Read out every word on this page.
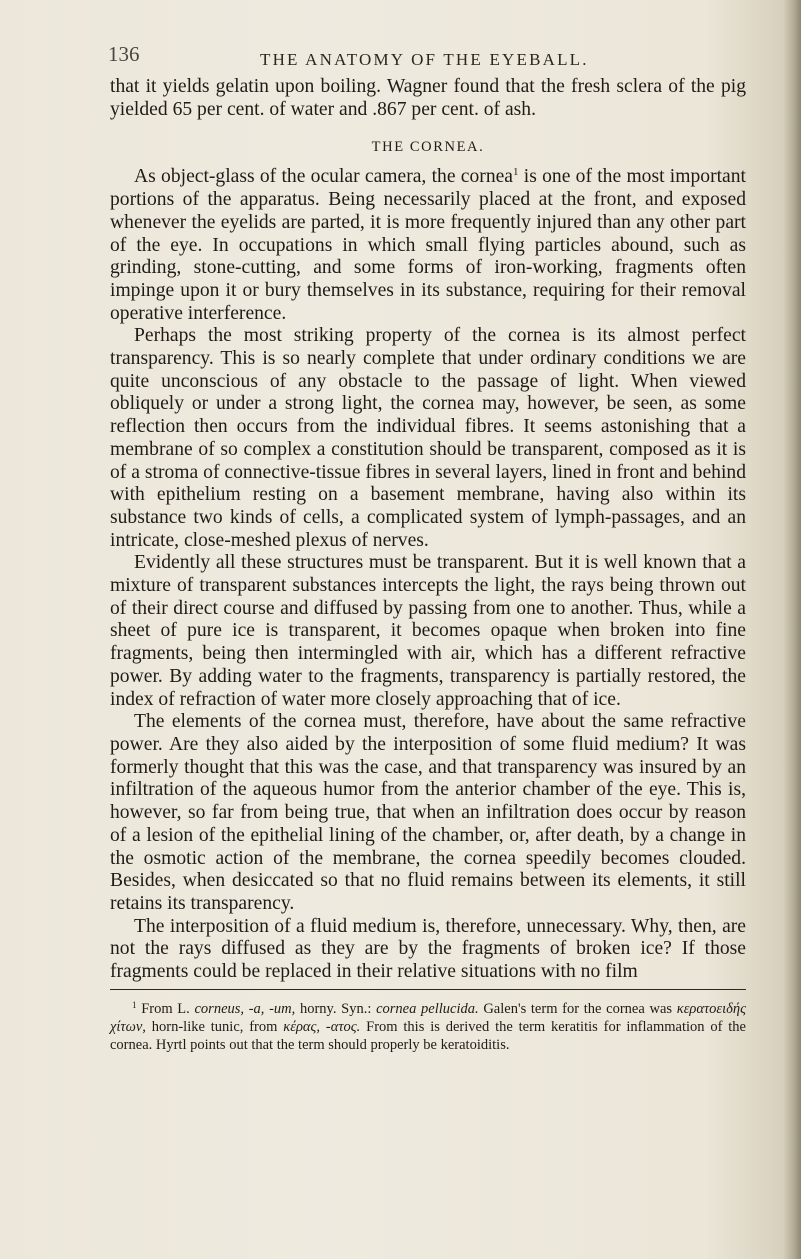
136	THE ANATOMY OF THE EYEBALL.

that it yields gelatin upon boiling. Wagner found that the fresh sclera of the pig yielded 65 per cent. of water and .867 per cent. of ash.

THE CORNEA.

As object-glass of the ocular camera, the cornea$^1$ is one of the most important portions of the apparatus. Being necessarily placed at the front, and exposed whenever the eyelids are parted, it is more frequently injured than any other part of the eye. In occupations in which small flying particles abound, such as grinding, stone-cutting, and some forms of iron-working, fragments often impinge upon it or bury themselves in its substance, requiring for their removal operative interference.

Perhaps the most striking property of the cornea is its almost perfect transparency. This is so nearly complete that under ordinary conditions we are quite unconscious of any obstacle to the passage of light. When viewed obliquely or under a strong light, the cornea may, however, be seen, as some reflection then occurs from the individual fibres. It seems astonishing that a membrane of so complex a constitution should be transparent, composed as it is of a stroma of connective-tissue fibres in several layers, lined in front and behind with epithelium resting on a basement membrane, having also within its substance two kinds of cells, a complicated system of lymph-passages, and an intricate, close-meshed plexus of nerves.

Evidently all these structures must be transparent. But it is well known that a mixture of transparent substances intercepts the light, the rays being thrown out of their direct course and diffused by passing from one to another. Thus, while a sheet of pure ice is transparent, it becomes opaque when broken into fine fragments, being then intermingled with air, which has a different refractive power. By adding water to the fragments, transparency is partially restored, the index of refraction of water more closely approaching that of ice.

The elements of the cornea must, therefore, have about the same refractive power. Are they also aided by the interposition of some fluid medium? It was formerly thought that this was the case, and that transparency was insured by an infiltration of the aqueous humor from the anterior chamber of the eye. This is, however, so far from being true, that when an infiltration does occur by reason of a lesion of the epithelial lining of the chamber, or, after death, by a change in the osmotic action of the membrane, the cornea speedily becomes clouded. Besides, when desiccated so that no fluid remains between its elements, it still retains its transparency.

The interposition of a fluid medium is, therefore, unnecessary. Why, then, are not the rays diffused as they are by the fragments of broken ice? If those fragments could be replaced in their relative situations with no film

$^1$ From L. corneus, -a, -um, horny. Syn.: cornea pellucida. Galen's term for the cornea was κερατοειδής χίτων, horn-like tunic, from κέρας, -ατος. From this is derived the term keratitis for inflammation of the cornea. Hyrtl points out that the term should properly be keratoiditis.
